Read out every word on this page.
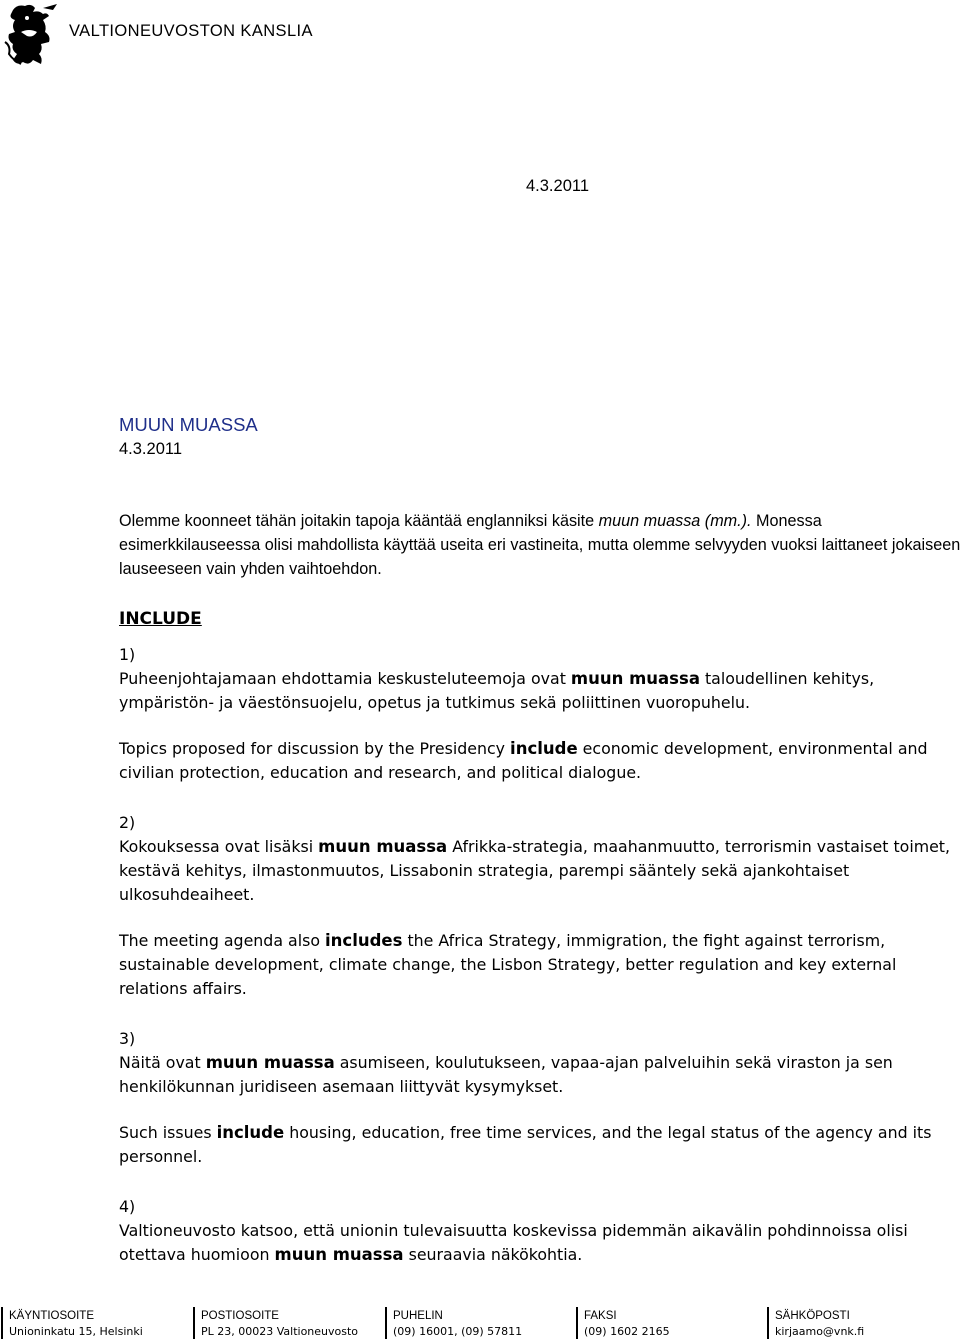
VALTIONEUVOSTON KANSLIA
4.3.2011
MUUN MUASSA
4.3.2011

Olemme koonneet tähän joitakin tapoja kääntää englanniksi käsite muun muassa (mm.). Monessa esimerkkilauseessa olisi mahdollista käyttää useita eri vastineita, mutta olemme selvyyden vuoksi laittaneet jokaiseen lauseeseen vain yhden vaihtoehdon.

INCLUDE

1)

Puheenjohtajamaan ehdottamia keskusteluteemoja ovat muun muassa taloudellinen kehitys, ympäristön- ja väestönsuojelu, opetus ja tutkimus sekä poliittinen vuoropuhelu.

Topics proposed for discussion by the Presidency include economic development, environmental and civilian protection, education and research, and political dialogue.

2)

Kokouksessa ovat lisäksi muun muassa Afrikka-strategia, maahanmuutto, terrorismin vastaiset toimet, kestävä kehitys, ilmastonmuutos, Lissabonin strategia, parempi sääntely sekä ajankohtaiset ulkosuhdeaiheet.

The meeting agenda also includes the Africa Strategy, immigration, the fight against terrorism, sustainable development, climate change, the Lisbon Strategy, better regulation and key external relations affairs.

3)

Näitä ovat muun muassa asumiseen, koulutukseen, vapaa-ajan palveluihin sekä viraston ja sen henkilökunnan juridiseen asemaan liittyvät kysymykset.

Such issues include housing, education, free time services, and the legal status of the agency and its personnel.

4)

Valtioneuvosto katsoo, että unionin tulevaisuutta koskevissa pidemmän aikavälin pohdinnoissa olisi otettava huomioon muun muassa seuraavia näkökohtia.

KÄYNTIOSOITE
Unioninkatu 15, Helsinki
POSTIOSOITE
PL 23, 00023 Valtioneuvosto
PUHELIN
(09) 16001, (09) 57811
FAKSI
(09) 1602 2165
SÄHKÖPOSTI
kirjaamo@vnk.fi
